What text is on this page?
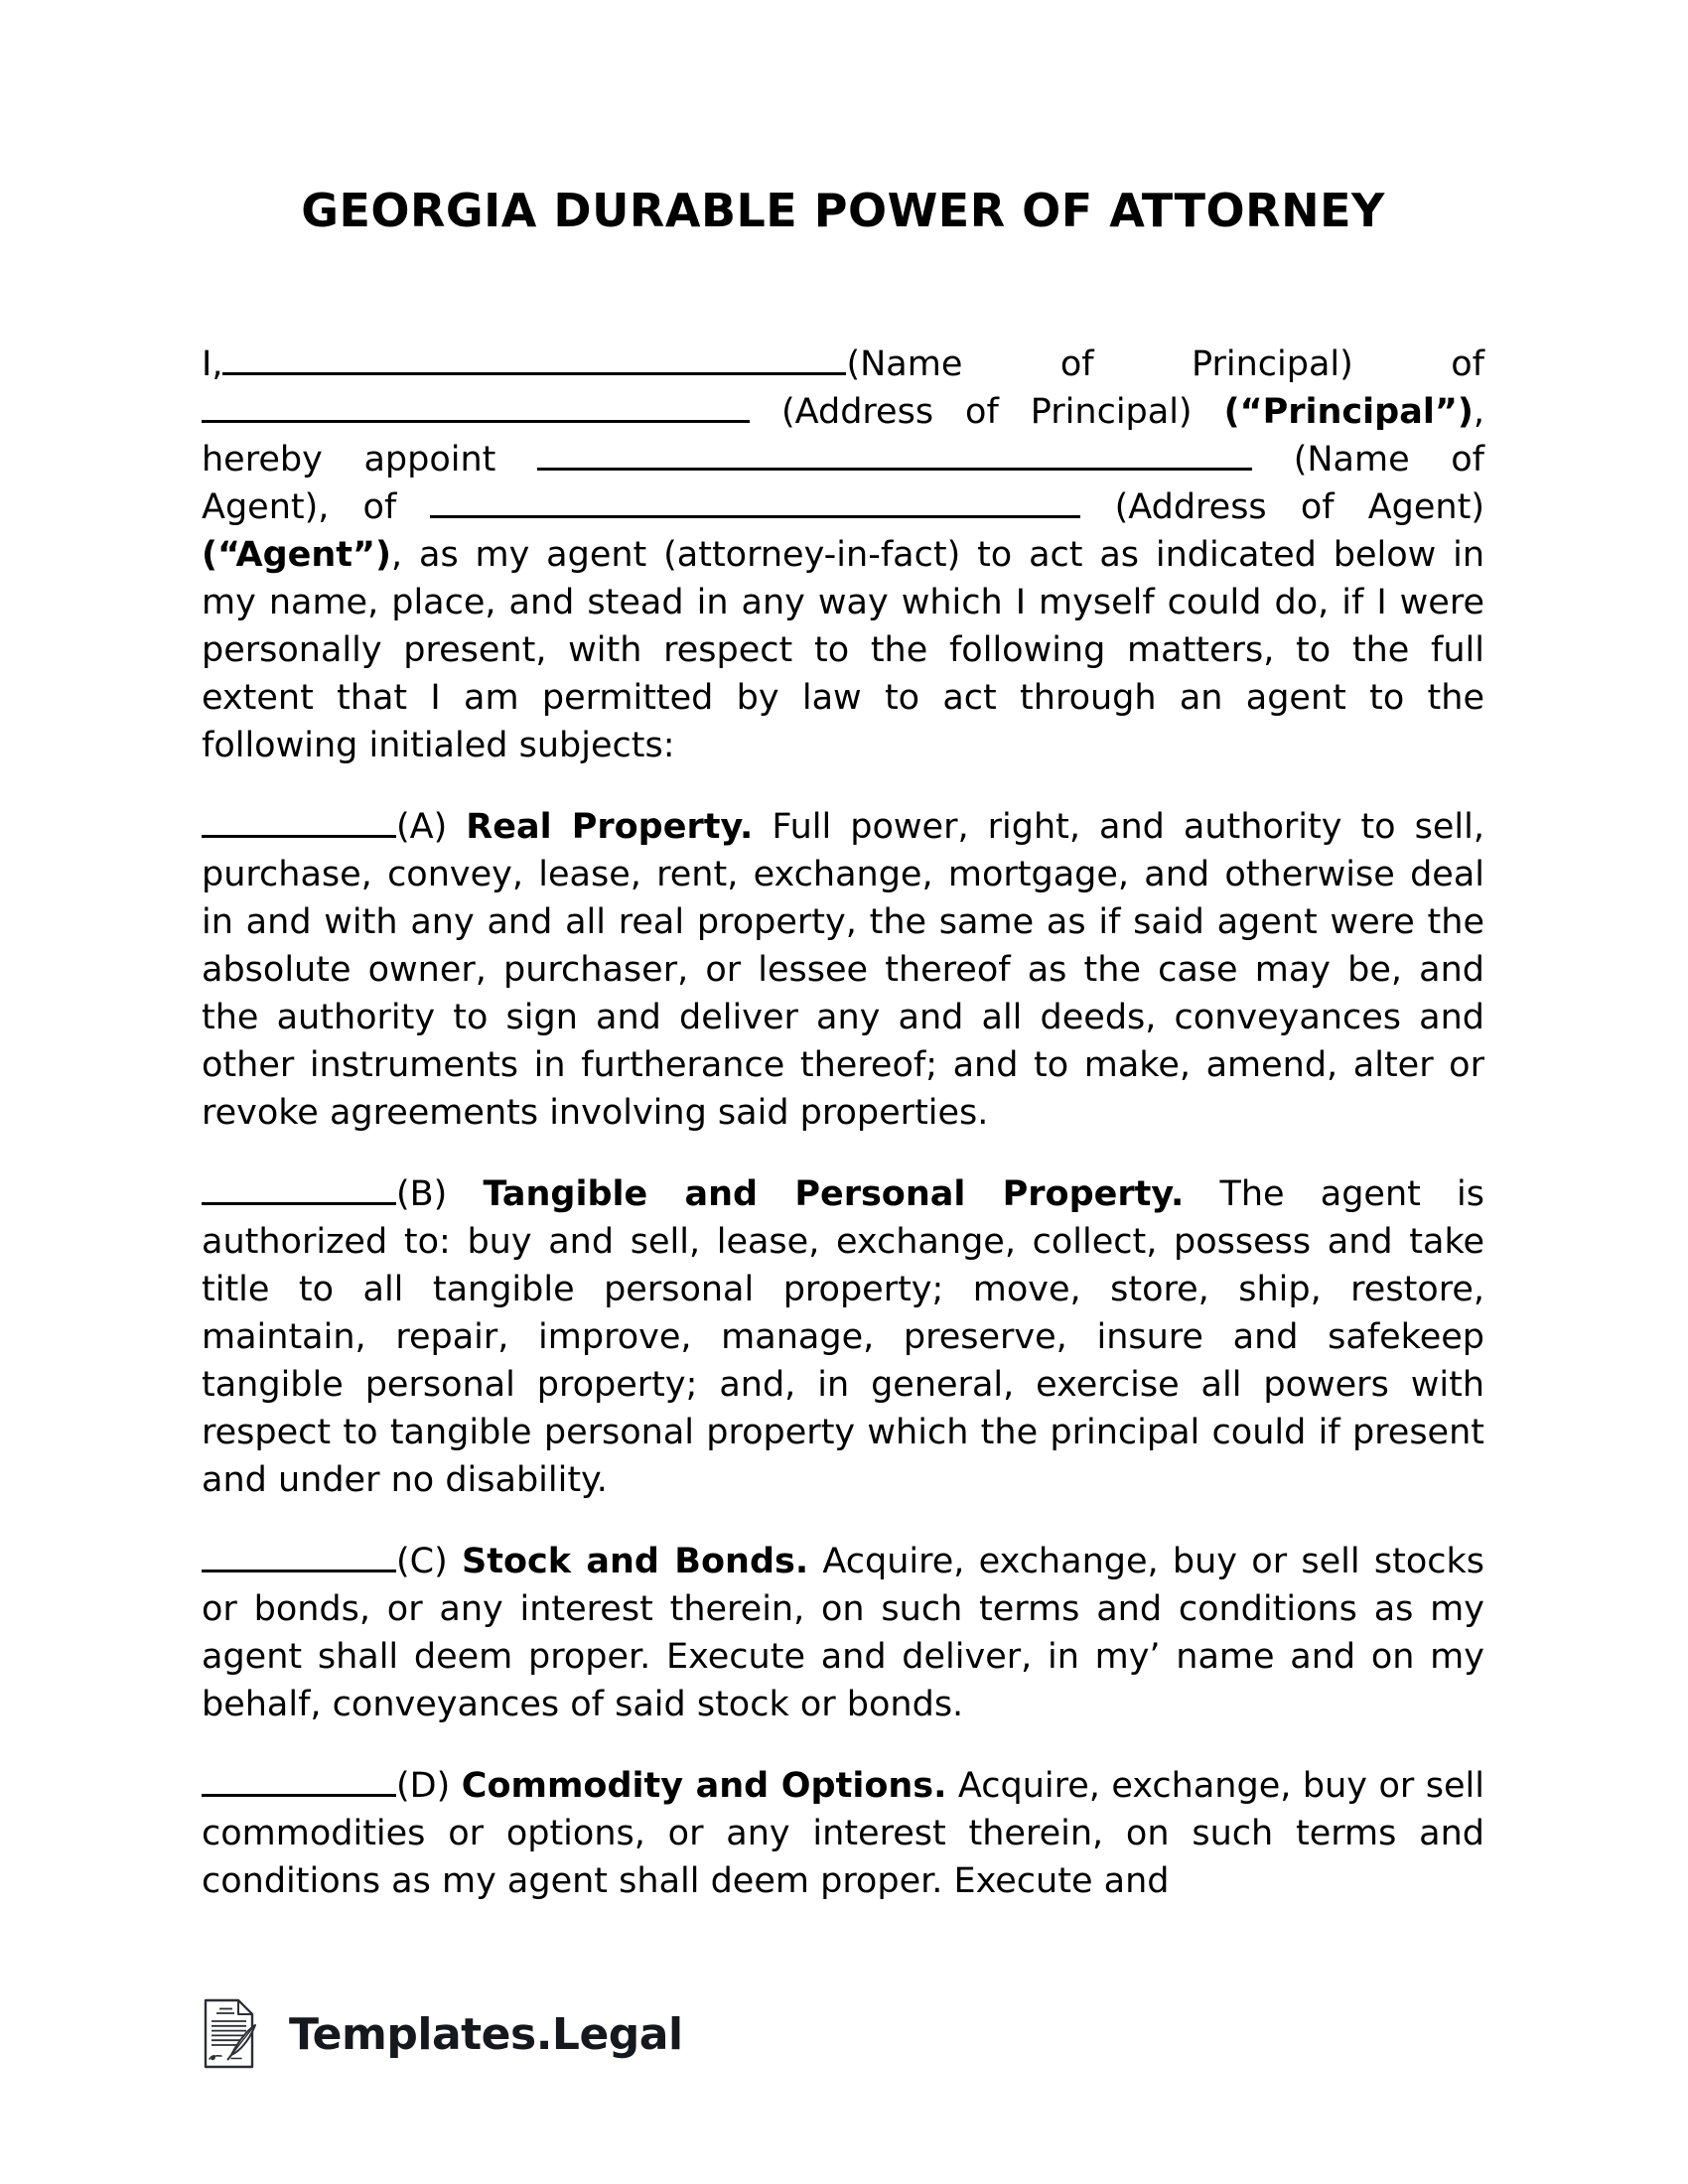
GEORGIA DURABLE POWER OF ATTORNEY

I,	(Name of Principal) of  (Address of Principal) (“Principal”), hereby appoint	(Name of Agent), of	(Address of Agent) (“Agent”), as my agent (attorney-in-fact) to act as indicated below in my name, place, and stead in any way which I myself could do, if I were personally present, with respect to the following matters, to the full extent that I am permitted by law to act through an agent to the following initialed subjects:

(A) Real Property. Full power, right, and authority to sell, purchase, convey, lease, rent, exchange, mortgage, and otherwise deal in and with any and all real property, the same as if said agent were the absolute owner, purchaser, or lessee thereof as the case may be, and the authority to sign and deliver any and all deeds, conveyances and other instruments in furtherance thereof; and to make, amend, alter or revoke agreements involving said properties.

(B) Tangible and Personal Property. The agent is authorized to: buy and sell, lease, exchange, collect, possess and take title to all tangible personal property; move, store, ship, restore, maintain, repair, improve, manage, preserve, insure and safekeep tangible personal property; and, in general, exercise all powers with respect to tangible personal property which the principal could if present and under no disability.

(C) Stock and Bonds. Acquire, exchange, buy or sell stocks or bonds, or any interest therein, on such terms and conditions as my agent shall deem proper. Execute and deliver, in my’ name and on my behalf, conveyances of said stock or bonds.

(D) Commodity and Options. Acquire, exchange, buy or sell commodities or options, or any interest therein, on such terms and conditions as my agent shall deem proper. Execute and

Templates.Legal
